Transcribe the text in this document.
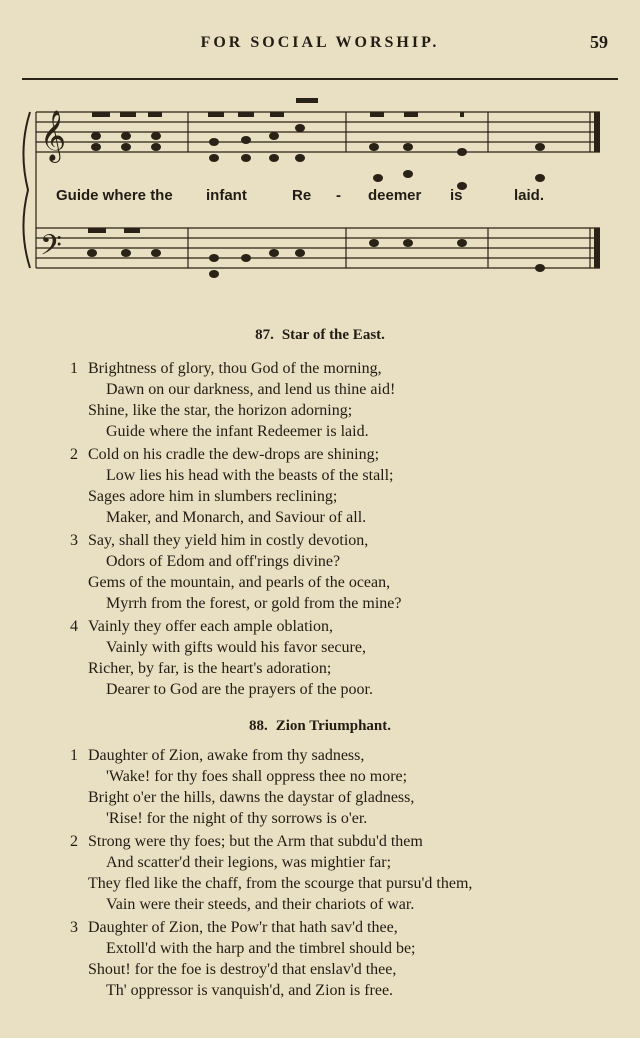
FOR SOCIAL WORSHIP.	59
𝄞
𝄢
Guide where the infant	Re - deemer is	laid.
87. Star of the East.
1 Brightness of glory, thou God of the morning,
Dawn on our darkness, and lend us thine aid!
Shine, like the star, the horizon adorning;
Guide where the infant Redeemer is laid.
2 Cold on his cradle the dew-drops are shining;
Low lies his head with the beasts of the stall;
Sages adore him in slumbers reclining;
Maker, and Monarch, and Saviour of all.
3 Say, shall they yield him in costly devotion,
Odors of Edom and off'rings divine?
Gems of the mountain, and pearls of the ocean,
Myrrh from the forest, or gold from the mine?
4 Vainly they offer each ample oblation,
Vainly with gifts would his favor secure,
Richer, by far, is the heart's adoration;
Dearer to God are the prayers of the poor.
88. Zion Triumphant.
1 Daughter of Zion, awake from thy sadness,
'Wake! for thy foes shall oppress thee no more;
Bright o'er the hills, dawns the daystar of gladness,
'Rise! for the night of thy sorrows is o'er.
2 Strong were thy foes; but the Arm that subdu'd them
And scatter'd their legions, was mightier far;
They fled like the chaff, from the scourge that pursu'd them,
Vain were their steeds, and their chariots of war.
3 Daughter of Zion, the Pow'r that hath sav'd thee,
Extoll'd with the harp and the timbrel should be;
Shout! for the foe is destroy'd that enslav'd thee,
Th' oppressor is vanquish'd, and Zion is free.
